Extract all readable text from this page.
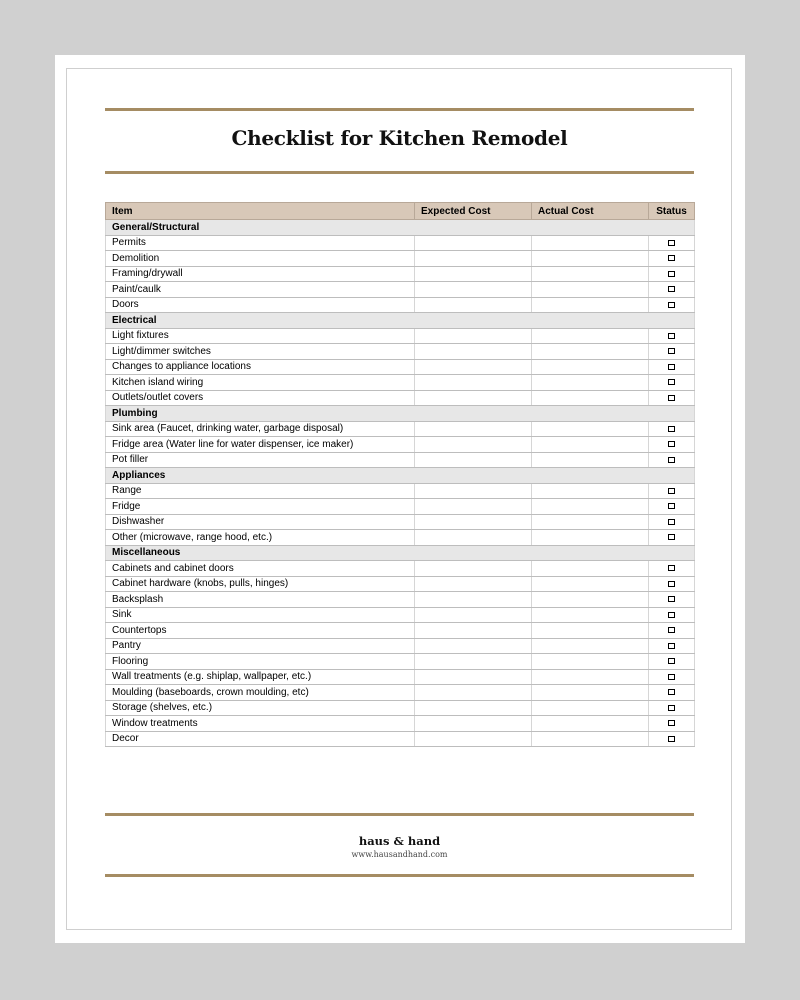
Checklist for Kitchen Remodel
Item	Expected Cost	Actual Cost	Status
General/Structural			
Permits			
Demolition			
Framing/drywall			
Paint/caulk			
Doors			
Electrical			
Light fixtures			
Light/dimmer switches			
Changes to appliance locations			
Kitchen island wiring			
Outlets/outlet covers			
Plumbing			
Sink area (Faucet, drinking water, garbage disposal)			
Fridge area (Water line for water dispenser, ice maker)			
Pot filler			
Appliances			
Range			
Fridge			
Dishwasher			
Other (microwave, range hood, etc.)			
Miscellaneous			
Cabinets and cabinet doors			
Cabinet hardware (knobs, pulls, hinges)			
Backsplash			
Sink			
Countertops			
Pantry			
Flooring			
Wall treatments (e.g. shiplap, wallpaper, etc.)			
Moulding (baseboards, crown moulding, etc)			
Storage (shelves, etc.)			
Window treatments			
Decor			
haus & hand
www.hausandhand.com
